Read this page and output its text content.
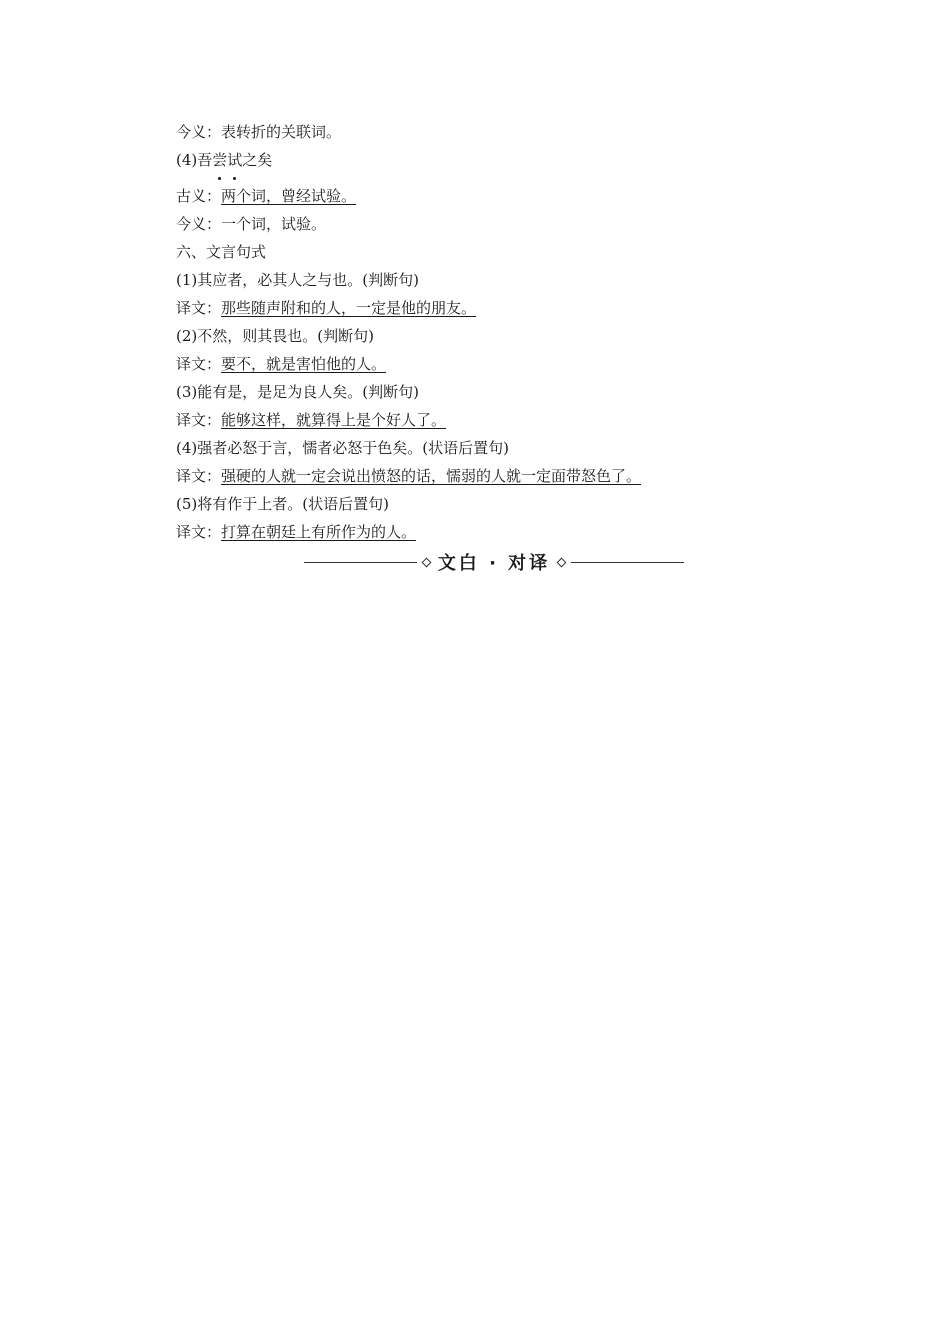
今义：表转折的关联词。
(4)吾尝试之矣
古义：两个词，曾经试验。
今义：一个词，试验。
六、文言句式
(1)其应者，必其人之与也。(判断句)
译文：那些随声附和的人，一定是他的朋友。
(2)不然，则其畏也。(判断句)
译文：要不，就是害怕他的人。
(3)能有是，是足为良人矣。(判断句)
译文：能够这样，就算得上是个好人了。
(4)强者必怒于言，懦者必怒于色矣。(状语后置句)
译文：强硬的人就一定会说出愤怒的话，懦弱的人就一定面带怒色了。
(5)将有作于上者。(状语后置句)
译文：打算在朝廷上有所作为的人。
文白 · 对译
